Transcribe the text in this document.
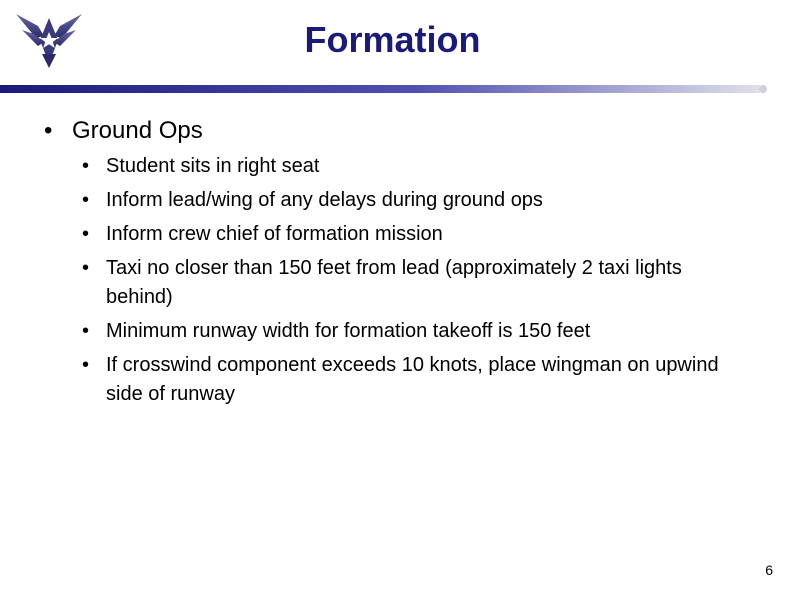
Formation
• Ground Ops
• Student sits in right seat
• Inform lead/wing of any delays during ground ops
• Inform crew chief of formation mission
• Taxi no closer than 150 feet from lead (approximately 2 taxi lights behind)
• Minimum runway width for formation takeoff is 150 feet
• If crosswind component exceeds 10 knots, place wingman on upwind side of runway
6
